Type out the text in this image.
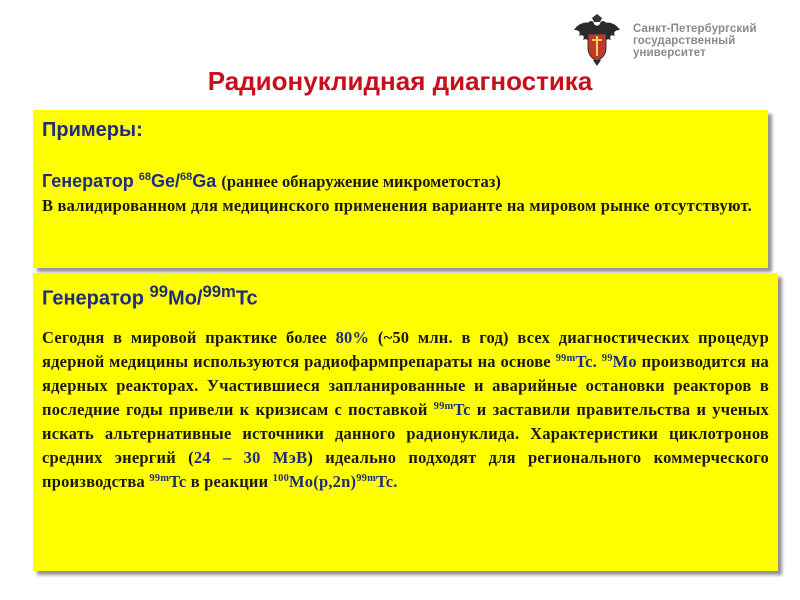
Санкт-Петербургский
государственный
университет
Радионуклидная диагностика
Примеры:
Генератор $^{68}$Ge/$^{68}$Ga (раннее обнаружение микрометостаз)
В валидированном для медицинского применения варианте на мировом рынке отсутствуют.
Генератор $^{99}$Mo/$^{99m}$Tc
Сегодня в мировой практике более 80% (~50 млн. в год) всех диагностических процедур ядерной медицины используются радиофармпрепараты на основе $^{99m}$Tc. $^{99}$Mo производится на ядерных реакторах. Участившиеся запланированные и аварийные остановки реакторов в последние годы привели к кризисам с поставкой $^{99m}$Tc и заставили правительства и ученых искать альтернативные источники данного радионуклида. Характеристики циклотронов средних энергий (24 – 30 МэВ) идеально подходят для регионального коммерческого производства $^{99m}$Tc в реакции $^{100}Mo(p,2n)^{99m}Tc$.
